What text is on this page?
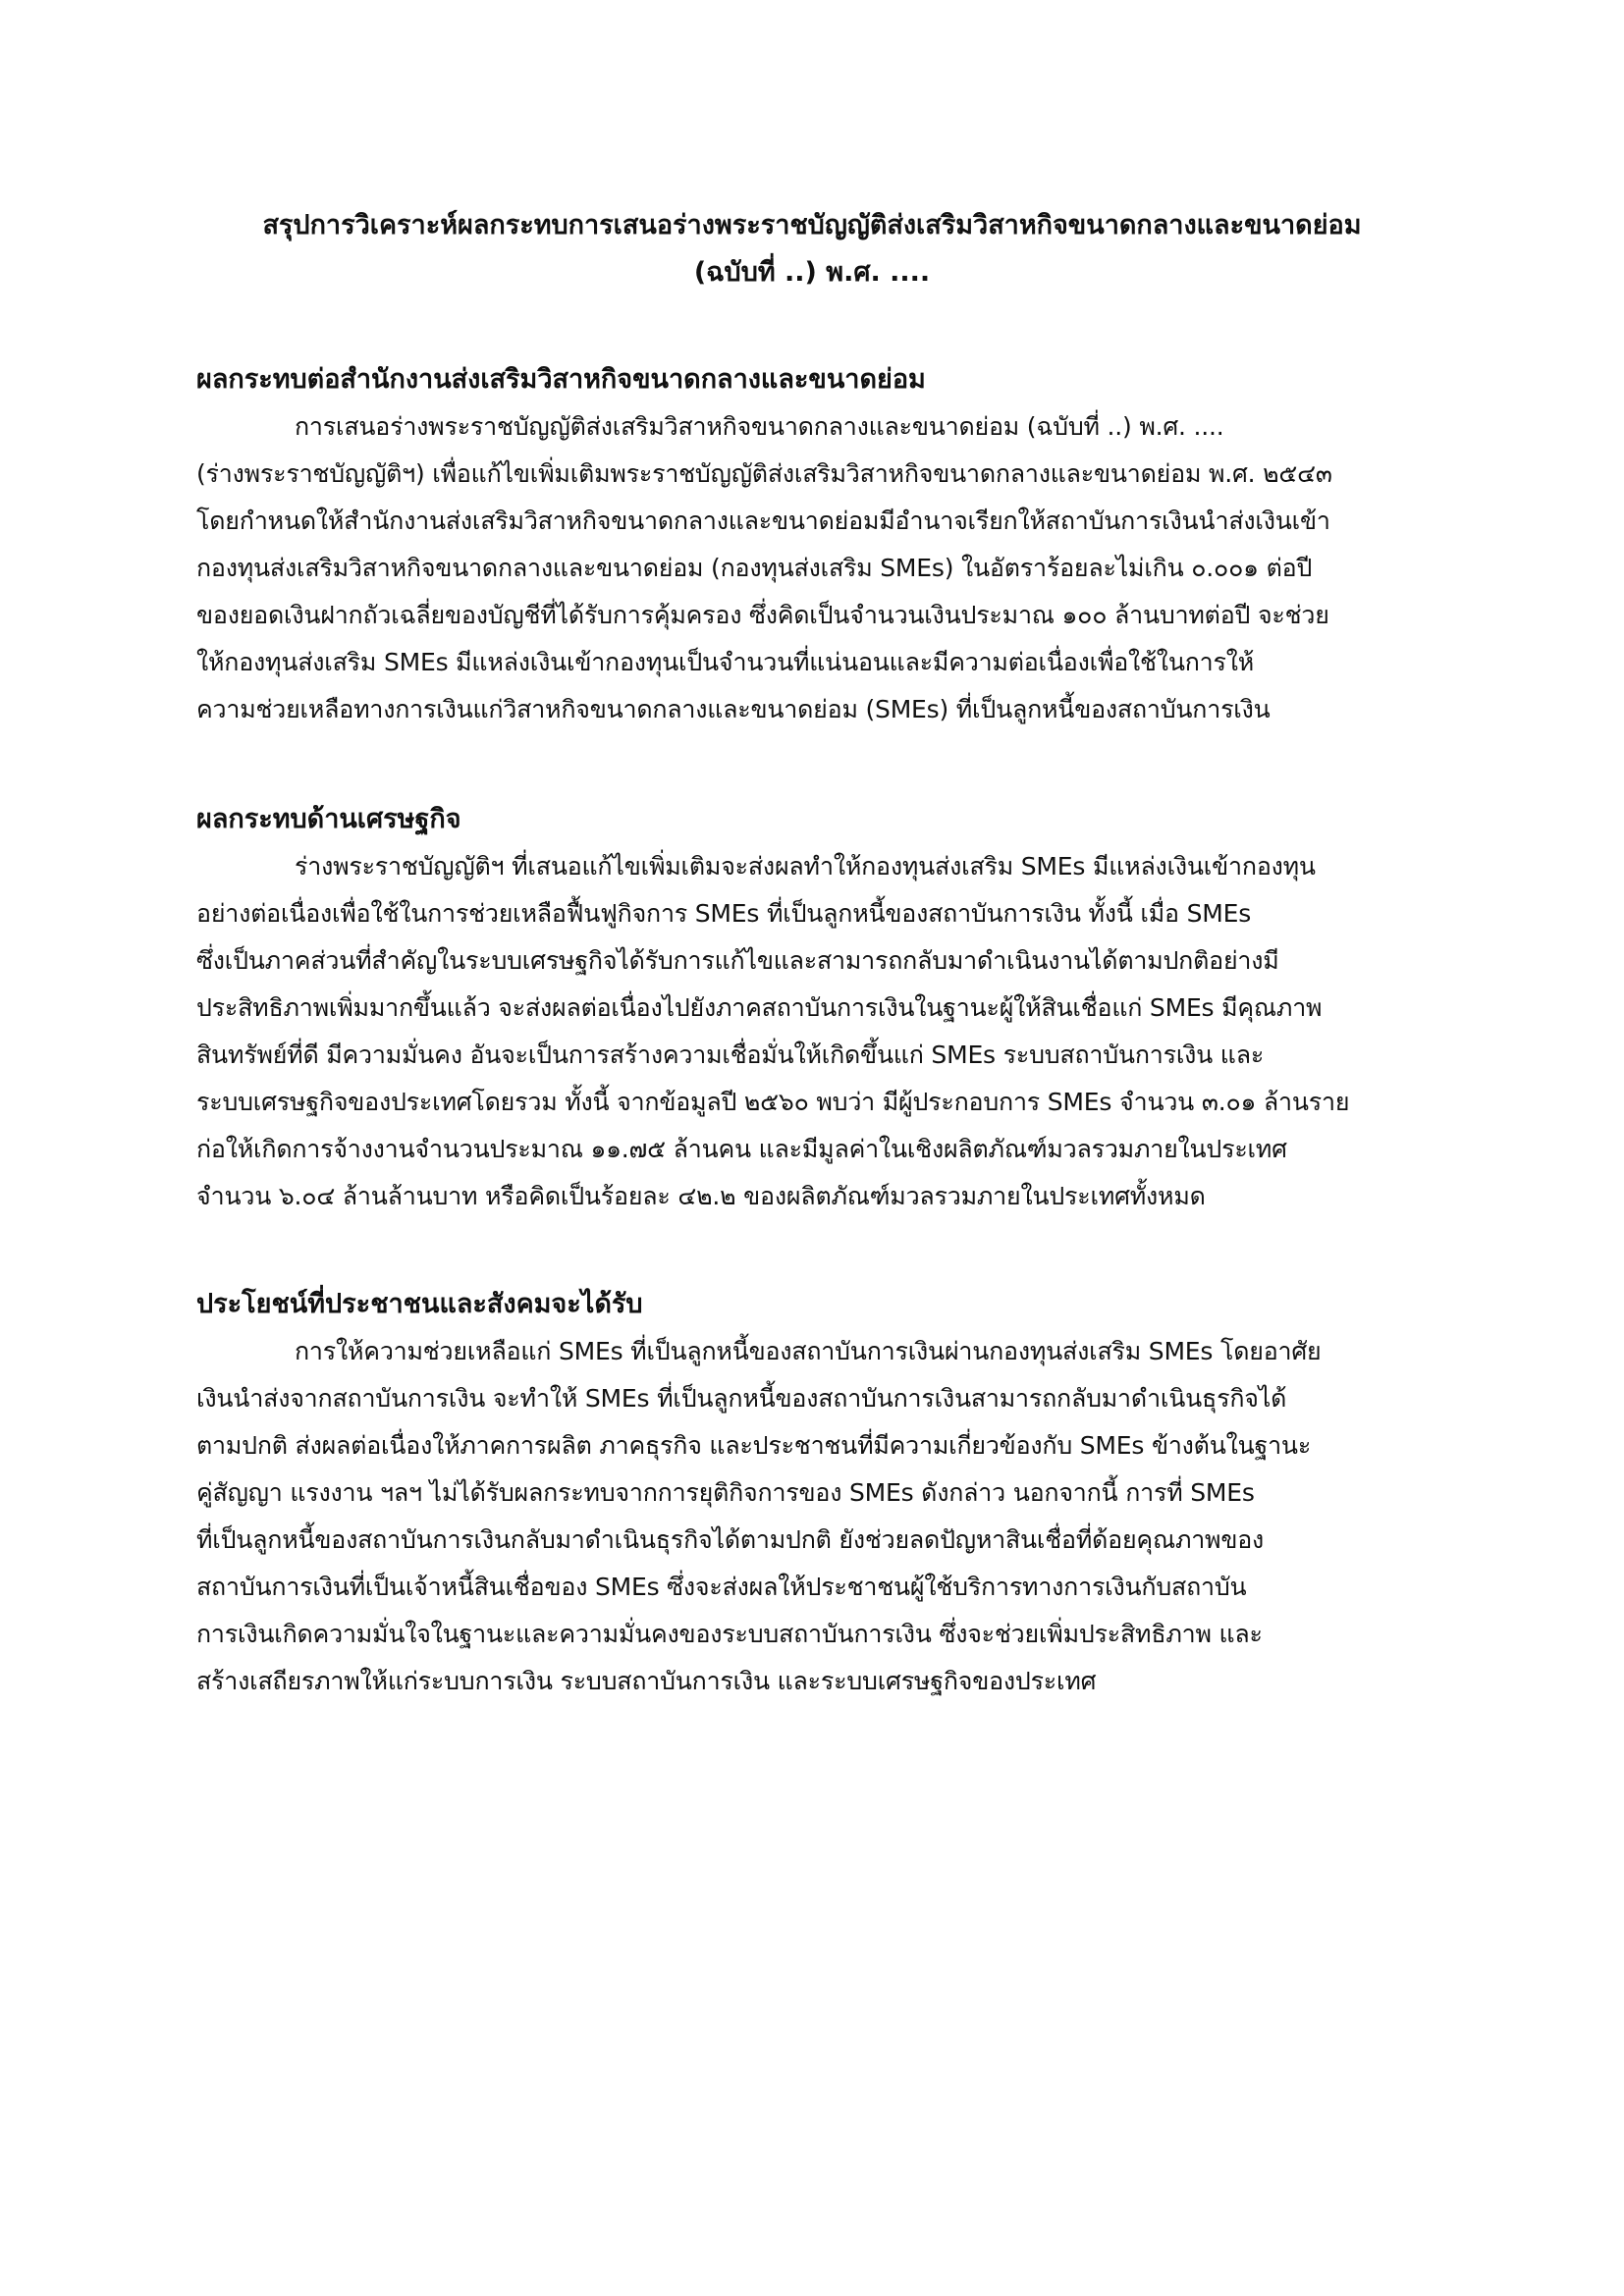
สรุปการวิเคราะห์ผลกระทบการเสนอร่างพระราชบัญญัติส่งเสริมวิสาหกิจขนาดกลางและขนาดย่อม
(ฉบับที่ ..) พ.ศ. ....
ผลกระทบต่อสำนักงานส่งเสริมวิสาหกิจขนาดกลางและขนาดย่อม
การเสนอร่างพระราชบัญญัติส่งเสริมวิสาหกิจขนาดกลางและขนาดย่อม (ฉบับที่ ..) พ.ศ. ....
(ร่างพระราชบัญญัติฯ) เพื่อแก้ไขเพิ่มเติมพระราชบัญญัติส่งเสริมวิสาหกิจขนาดกลางและขนาดย่อม พ.ศ. ๒๕๔๓
โดยกำหนดให้สำนักงานส่งเสริมวิสาหกิจขนาดกลางและขนาดย่อมมีอำนาจเรียกให้สถาบันการเงินนำส่งเงินเข้า
กองทุนส่งเสริมวิสาหกิจขนาดกลางและขนาดย่อม (กองทุนส่งเสริม SMEs) ในอัตราร้อยละไม่เกิน ๐.๐๐๑ ต่อปี
ของยอดเงินฝากถัวเฉลี่ยของบัญชีที่ได้รับการคุ้มครอง ซึ่งคิดเป็นจำนวนเงินประมาณ ๑๐๐ ล้านบาทต่อปี จะช่วย
ให้กองทุนส่งเสริม SMEs มีแหล่งเงินเข้ากองทุนเป็นจำนวนที่แน่นอนและมีความต่อเนื่องเพื่อใช้ในการให้
ความช่วยเหลือทางการเงินแก่วิสาหกิจขนาดกลางและขนาดย่อม (SMEs) ที่เป็นลูกหนี้ของสถาบันการเงิน
ผลกระทบด้านเศรษฐกิจ
ร่างพระราชบัญญัติฯ ที่เสนอแก้ไขเพิ่มเติมจะส่งผลทำให้กองทุนส่งเสริม SMEs มีแหล่งเงินเข้ากองทุน
อย่างต่อเนื่องเพื่อใช้ในการช่วยเหลือฟื้นฟูกิจการ SMEs ที่เป็นลูกหนี้ของสถาบันการเงิน ทั้งนี้ เมื่อ SMEs
ซึ่งเป็นภาคส่วนที่สำคัญในระบบเศรษฐกิจได้รับการแก้ไขและสามารถกลับมาดำเนินงานได้ตามปกติอย่างมี
ประสิทธิภาพเพิ่มมากขึ้นแล้ว จะส่งผลต่อเนื่องไปยังภาคสถาบันการเงินในฐานะผู้ให้สินเชื่อแก่ SMEs มีคุณภาพ
สินทรัพย์ที่ดี มีความมั่นคง อันจะเป็นการสร้างความเชื่อมั่นให้เกิดขึ้นแก่ SMEs ระบบสถาบันการเงิน และ
ระบบเศรษฐกิจของประเทศโดยรวม ทั้งนี้ จากข้อมูลปี ๒๕๖๐ พบว่า มีผู้ประกอบการ SMEs จำนวน ๓.๐๑ ล้านราย
ก่อให้เกิดการจ้างงานจำนวนประมาณ ๑๑.๗๕ ล้านคน และมีมูลค่าในเชิงผลิตภัณฑ์มวลรวมภายในประเทศ
จำนวน ๖.๐๔ ล้านล้านบาท หรือคิดเป็นร้อยละ ๔๒.๒ ของผลิตภัณฑ์มวลรวมภายในประเทศทั้งหมด
ประโยชน์ที่ประชาชนและสังคมจะได้รับ
การให้ความช่วยเหลือแก่ SMEs ที่เป็นลูกหนี้ของสถาบันการเงินผ่านกองทุนส่งเสริม SMEs โดยอาศัย
เงินนำส่งจากสถาบันการเงิน จะทำให้ SMEs ที่เป็นลูกหนี้ของสถาบันการเงินสามารถกลับมาดำเนินธุรกิจได้
ตามปกติ ส่งผลต่อเนื่องให้ภาคการผลิต ภาคธุรกิจ และประชาชนที่มีความเกี่ยวข้องกับ SMEs ข้างต้นในฐานะ
คู่สัญญา แรงงาน ฯลฯ ไม่ได้รับผลกระทบจากการยุติกิจการของ SMEs ดังกล่าว นอกจากนี้ การที่ SMEs
ที่เป็นลูกหนี้ของสถาบันการเงินกลับมาดำเนินธุรกิจได้ตามปกติ ยังช่วยลดปัญหาสินเชื่อที่ด้อยคุณภาพของ
สถาบันการเงินที่เป็นเจ้าหนี้สินเชื่อของ SMEs ซึ่งจะส่งผลให้ประชาชนผู้ใช้บริการทางการเงินกับสถาบัน
การเงินเกิดความมั่นใจในฐานะและความมั่นคงของระบบสถาบันการเงิน ซึ่งจะช่วยเพิ่มประสิทธิภาพ และ
สร้างเสถียรภาพให้แก่ระบบการเงิน ระบบสถาบันการเงิน และระบบเศรษฐกิจของประเทศ
